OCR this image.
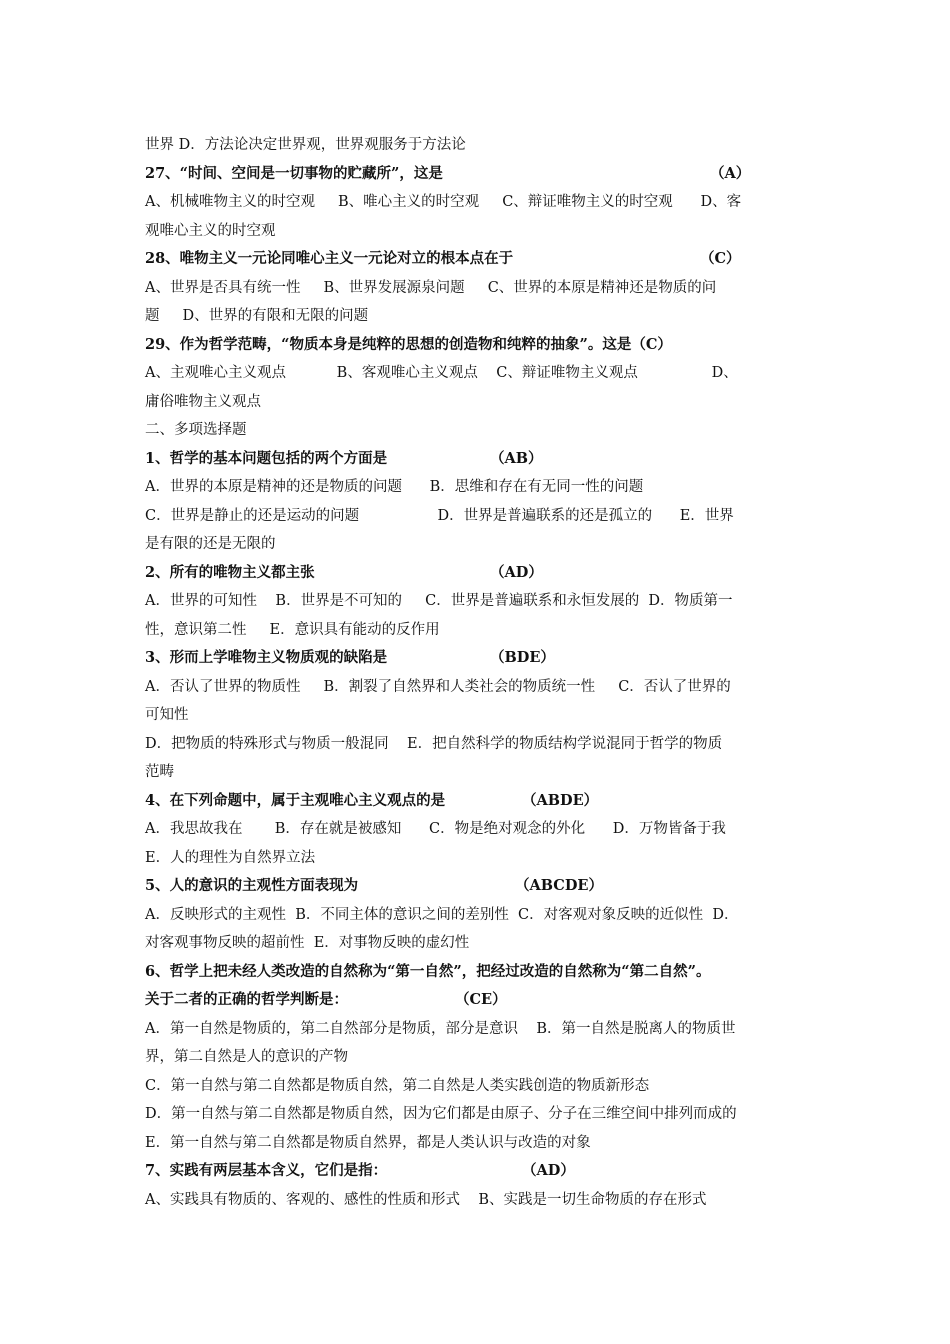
世界 D．方法论决定世界观，世界观服务于方法论
27、“时间、空间是一切事物的贮藏所”，这是	（A）
A、机械唯物主义的时空观     B、唯心主义的时空观     C、辩证唯物主义的时空观      D、客
观唯心主义的时空观
28、唯物主义一元论同唯心主义一元论对立的根本点在于	（C）
A、世界是否具有统一性     B、世界发展源泉问题     C、世界的本原是精神还是物质的问
题     D、世界的有限和无限的问题
29、作为哲学范畴，“物质本身是纯粹的思想的创造物和纯粹的抽象”。这是（C）
A、主观唯心主义观点           B、客观唯心主义观点    C、辩证唯物主义观点                D、
庸俗唯物主义观点
二、多项选择题
1、哲学的基本问题包括的两个方面是	（AB）
A．世界的本原是精神的还是物质的问题      B．思维和存在有无同一性的问题
C．世界是静止的还是运动的问题                 D．世界是普遍联系的还是孤立的      E．世界
是有限的还是无限的
2、所有的唯物主义都主张	（AD）
A．世界的可知性    B．世界是不可知的     C．世界是普遍联系和永恒发展的  D．物质第一
性，意识第二性     E．意识具有能动的反作用
3、形而上学唯物主义物质观的缺陷是	（BDE）
A．否认了世界的物质性     B．割裂了自然界和人类社会的物质统一性     C．否认了世界的
可知性
D．把物质的特殊形式与物质一般混同    E．把自然科学的物质结构学说混同于哲学的物质
范畴
4、在下列命题中，属于主观唯心主义观点的是	（ABDE）
A．我思故我在       B．存在就是被感知      C．物是绝对观念的外化      D．万物皆备于我
E．人的理性为自然界立法
5、人的意识的主观性方面表现为	（ABCDE）
A．反映形式的主观性  B．不同主体的意识之间的差别性  C．对客观对象反映的近似性  D．
对客观事物反映的超前性  E．对事物反映的虚幻性
6、哲学上把未经人类改造的自然称为“第一自然”，把经过改造的自然称为“第二自然”。
关于二者的正确的哲学判断是：	（CE）
A．第一自然是物质的，第二自然部分是物质，部分是意识    B．第一自然是脱离人的物质世
界，第二自然是人的意识的产物
C．第一自然与第二自然都是物质自然，第二自然是人类实践创造的物质新形态
D．第一自然与第二自然都是物质自然，因为它们都是由原子、分子在三维空间中排列而成的
E．第一自然与第二自然都是物质自然界，都是人类认识与改造的对象
7、实践有两层基本含义，它们是指：	（AD）
A、实践具有物质的、客观的、感性的性质和形式    B、实践是一切生命物质的存在形式
